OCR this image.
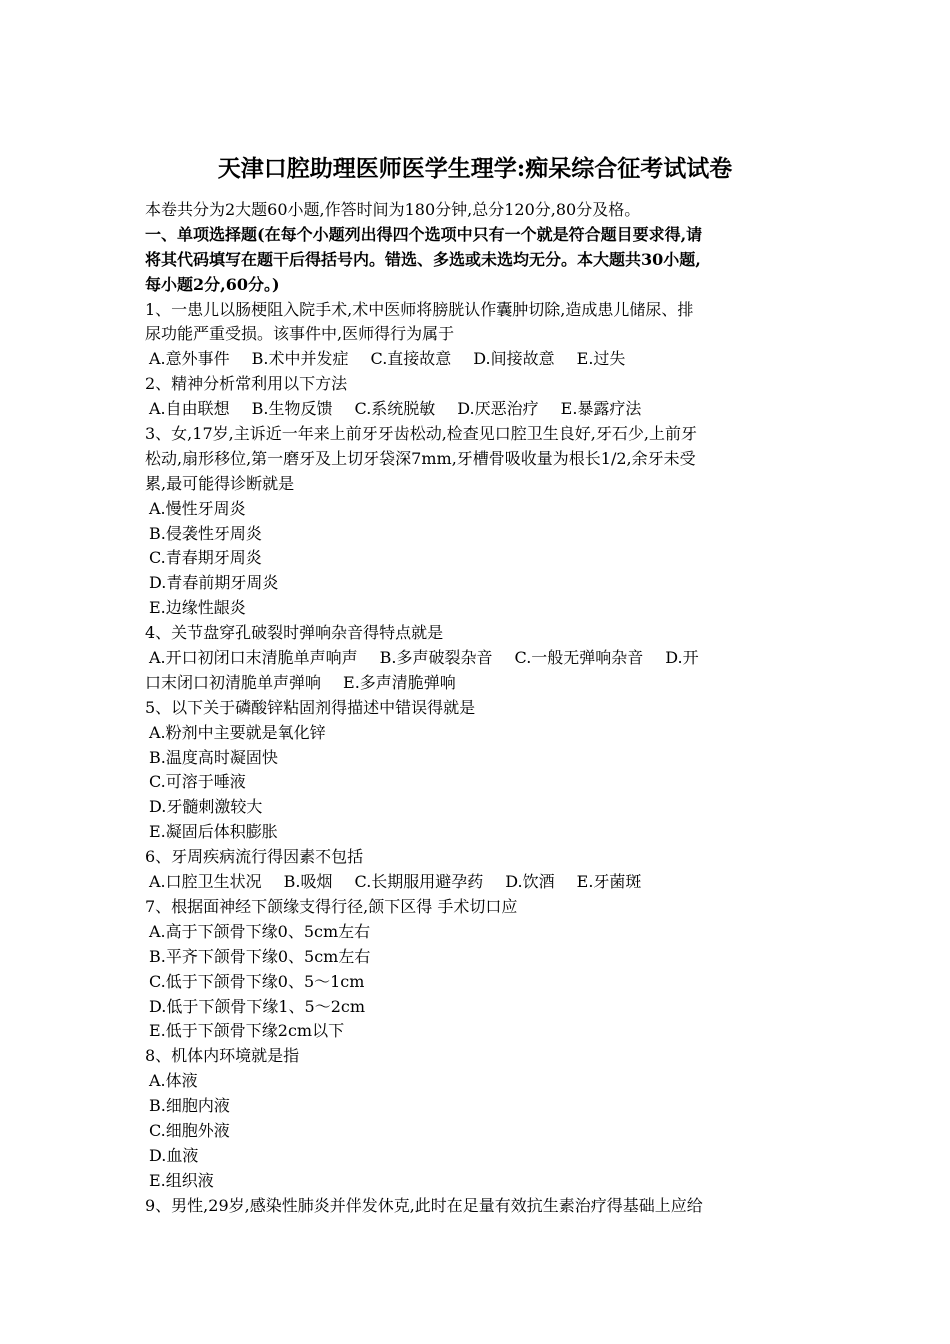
天津口腔助理医师医学生理学:痴呆综合征考试试卷
本卷共分为2大题60小题,作答时间为180分钟,总分120分,80分及格。
一、单项选择题(在每个小题列出得四个选项中只有一个就是符合题目要求得,请
将其代码填写在题干后得括号内。错选、多选或未选均无分。本大题共30小题,
每小题2分,60分。)
1、一患儿以肠梗阻入院手术,术中医师将膀胱认作囊肿切除,造成患儿储尿、排
尿功能严重受损。该事件中,医师得行为属于
A.意外事件 B.术中并发症 C.直接故意 D.间接故意 E.过失
2、精神分析常利用以下方法
A.自由联想 B.生物反馈 C.系统脱敏 D.厌恶治疗 E.暴露疗法
3、女,17岁,主诉近一年来上前牙牙齿松动,检查见口腔卫生良好,牙石少,上前牙
松动,扇形移位,第一磨牙及上切牙袋深7mm,牙槽骨吸收量为根长1/2,余牙未受
累,最可能得诊断就是
A.慢性牙周炎
B.侵袭性牙周炎
C.青春期牙周炎
D.青春前期牙周炎
E.边缘性龈炎
4、关节盘穿孔破裂时弹响杂音得特点就是
A.开口初闭口末清脆单声响声 B.多声破裂杂音 C.一般无弹响杂音 D.开
口末闭口初清脆单声弹响 E.多声清脆弹响
5、以下关于磷酸锌粘固剂得描述中错误得就是
A.粉剂中主要就是氧化锌
B.温度高时凝固快
C.可溶于唾液
D.牙髓刺激较大
E.凝固后体积膨胀
6、牙周疾病流行得因素不包括
A.口腔卫生状况 B.吸烟 C.长期服用避孕药 D.饮酒 E.牙菌斑
7、根据面神经下颌缘支得行径,颌下区得 手术切口应
A.高于下颌骨下缘0、5cm左右
B.平齐下颌骨下缘0、5cm左右
C.低于下颌骨下缘0、5～1cm
D.低于下颌骨下缘1、5～2cm
E.低于下颌骨下缘2cm以下
8、机体内环境就是指
A.体液
B.细胞内液
C.细胞外液
D.血液
E.组织液
9、男性,29岁,感染性肺炎并伴发休克,此时在足量有效抗生素治疗得基础上应给
